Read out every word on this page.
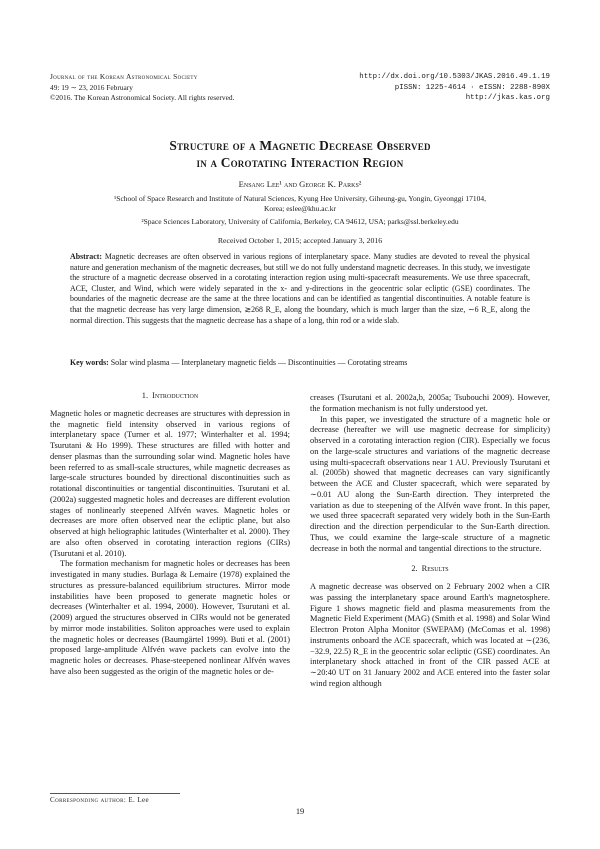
Journal of the Korean Astronomical Society
49: 19 ∼ 23, 2016 February
©2016. The Korean Astronomical Society. All rights reserved.
http://dx.doi.org/10.5303/JKAS.2016.49.1.19
pISSN: 1225-4614 · eISSN: 2288-890X
http://jkas.kas.org
Structure of a Magnetic Decrease Observed
in a Corotating Interaction Region
Ensang Lee¹ and George K. Parks²
¹School of Space Research and Institute of Natural Sciences, Kyung Hee University, Giheung-gu, Yongin, Gyeonggi 17104,
Korea; eslee@khu.ac.kr
²Space Sciences Laboratory, University of California, Berkeley, CA 94612, USA; parks@ssl.berkeley.edu
Received October 1, 2015; accepted January 3, 2016
Abstract: Magnetic decreases are often observed in various regions of interplanetary space. Many studies are devoted to reveal the physical nature and generation mechanism of the magnetic decreases, but still we do not fully understand magnetic decreases. In this study, we investigate the structure of a magnetic decrease observed in a corotating interaction region using multi-spacecraft measurements. We use three spacecraft, ACE, Cluster, and Wind, which were widely separated in the x- and y-directions in the geocentric solar ecliptic (GSE) coordinates. The boundaries of the magnetic decrease are the same at the three locations and can be identified as tangential discontinuities. A notable feature is that the magnetic decrease has very large dimension, ≳268 R_E, along the boundary, which is much larger than the size, ∼6 R_E, along the normal direction. This suggests that the magnetic decrease has a shape of a long, thin rod or a wide slab.
Key words: Solar wind plasma — Interplanetary magnetic fields — Discontinuities — Corotating streams
1. Introduction

Magnetic holes or magnetic decreases are structures with depression in the magnetic field intensity observed in various regions of interplanetary space (Turner et al. 1977; Winterhalter et al. 1994; Tsurutani & Ho 1999). These structures are filled with hotter and denser plasmas than the surrounding solar wind. Magnetic holes have been referred to as small-scale structures, while magnetic decreases as large-scale structures bounded by directional discontinuities such as rotational discontinuities or tangential discontinuities. Tsurutani et al. (2002a) suggested magnetic holes and decreases are different evolution stages of nonlinearly steepened Alfvén waves. Magnetic holes or decreases are more often observed near the ecliptic plane, but also observed at high heliographic latitudes (Winterhalter et al. 2000). They are also often observed in corotating interaction regions (CIRs) (Tsurutani et al. 2010).

The formation mechanism for magnetic holes or decreases has been investigated in many studies. Burlaga & Lemaire (1978) explained the structures as pressure-balanced equilibrium structures. Mirror mode instabilities have been proposed to generate magnetic holes or decreases (Winterhalter et al. 1994, 2000). However, Tsurutani et al. (2009) argued the structures observed in CIRs would not be generated by mirror mode instabilities. Soliton approaches were used to explain the magnetic holes or decreases (Baumgärtel 1999). Buti et al. (2001) proposed large-amplitude Alfvén wave packets can evolve into the magnetic holes or decreases. Phase-steepened nonlinear Alfvén waves have also been suggested as the origin of the magnetic holes or de-

creases (Tsurutani et al. 2002a,b, 2005a; Tsubouchi 2009). However, the formation mechanism is not fully understood yet.

In this paper, we investigated the structure of a magnetic hole or decrease (hereafter we will use magnetic decrease for simplicity) observed in a corotating interaction region (CIR). Especially we focus on the large-scale structures and variations of the magnetic decrease using multi-spacecraft observations near 1 AU. Previously Tsurutani et al. (2005b) showed that magnetic decreases can vary significantly between the ACE and Cluster spacecraft, which were separated by ∼0.01 AU along the Sun-Earth direction. They interpreted the variation as due to steepening of the Alfvén wave front. In this paper, we used three spacecraft separated very widely both in the Sun-Earth direction and the direction perpendicular to the Sun-Earth direction. Thus, we could examine the large-scale structure of a magnetic decrease in both the normal and tangential directions to the structure.

2. Results

A magnetic decrease was observed on 2 February 2002 when a CIR was passing the interplanetary space around Earth's magnetosphere. Figure 1 shows magnetic field and plasma measurements from the Magnetic Field Experiment (MAG) (Smith et al. 1998) and Solar Wind Electron Proton Alpha Monitor (SWEPAM) (McComas et al. 1998) instruments onboard the ACE spacecraft, which was located at ∼(236, −32.9, 22.5) R_E in the geocentric solar ecliptic (GSE) coordinates. An interplanetary shock attached in front of the CIR passed ACE at ∼20:40 UT on 31 January 2002 and ACE entered into the faster solar wind region although

Corresponding author: E. Lee
19
